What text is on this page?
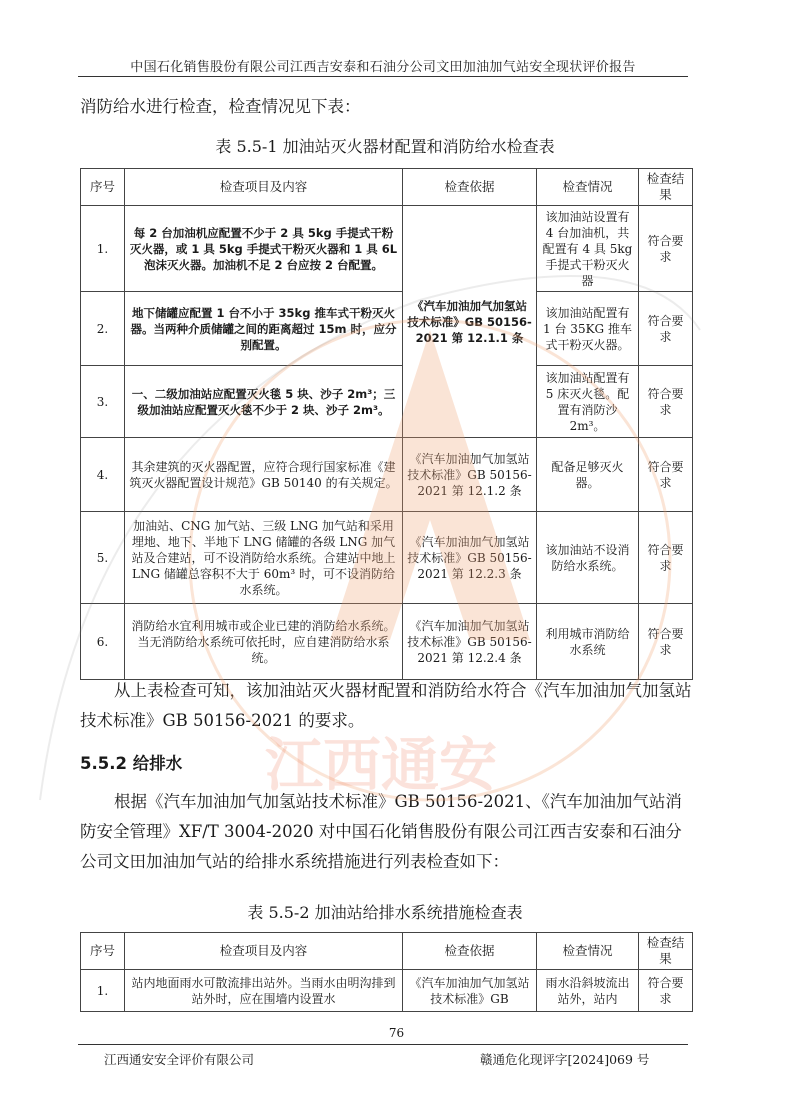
中国石化销售股份有限公司江西吉安泰和石油分公司文田加油加气站安全现状评价报告
消防给水进行检查，检查情况见下表：
表 5.5-1 加油站灭火器材配置和消防给水检查表
序号	检查项目及内容	检查依据	检查情况	检查结果
1.	每 2 台加油机应配置不少于 2 具 5kg 手提式干粉灭火器，或 1 具 5kg 手提式干粉灭火器和 1 具 6L 泡沫灭火器。加油机不足 2 台应按 2 台配置。	《汽车加油加气加氢站技术标准》GB 50156-2021 第 12.1.1 条	该加油站设置有 4 台加油机，共配置有 4 具 5kg 手提式干粉灭火器	符合要求
2.	地下储罐应配置 1 台不小于 35kg 推车式干粉灭火器。当两种介质储罐之间的距离超过 15m 时，应分别配置。		该加油站配置有 1 台 35KG 推车式干粉灭火器。	符合要求
3.	一、二级加油站应配置灭火毯 5 块、沙子 2m³；三级加油站应配置灭火毯不少于 2 块、沙子 2m³。		该加油站配置有 5 床灭火毯。配置有消防沙 2m³。	符合要求
4.	其余建筑的灭火器配置，应符合现行国家标准《建筑灭火器配置设计规范》GB 50140 的有关规定。	《汽车加油加气加氢站技术标准》GB 50156-2021 第 12.1.2 条	配备足够灭火器。	符合要求
5.	加油站、CNG 加气站、三级 LNG 加气站和采用埋地、地下、半地下 LNG 储罐的各级 LNG 加气站及合建站，可不设消防给水系统。合建站中地上 LNG 储罐总容积不大于 60m³ 时，可不设消防给水系统。	《汽车加油加气加氢站技术标准》GB 50156-2021 第 12.2.3 条	该加油站不设消防给水系统。	符合要求
6.	消防给水宜利用城市或企业已建的消防给水系统。当无消防给水系统可依托时，应自建消防给水系统。	《汽车加油加气加氢站技术标准》GB 50156-2021 第 12.2.4 条	利用城市消防给水系统	符合要求
从上表检查可知，该加油站灭火器材配置和消防给水符合《汽车加油加气加氢站技术标准》GB 50156-2021 的要求。
5.5.2 给排水
根据《汽车加油加气加氢站技术标准》GB 50156-2021、《汽车加油加气站消防安全管理》XF/T 3004-2020 对中国石化销售股份有限公司江西吉安泰和石油分公司文田加油加气站的给排水系统措施进行列表检查如下：
表 5.5-2 加油站给排水系统措施检查表
序号	检查项目及内容	检查依据	检查情况	检查结果
1.	站内地面雨水可散流排出站外。当雨水由明沟排到站外时，应在围墙内设置水	《汽车加油加气加氢站技术标准》GB	雨水沿斜坡流出站外，站内	符合要求
76
江西通安安全评价有限公司	赣通危化现评字[2024]069 号
江西通安
